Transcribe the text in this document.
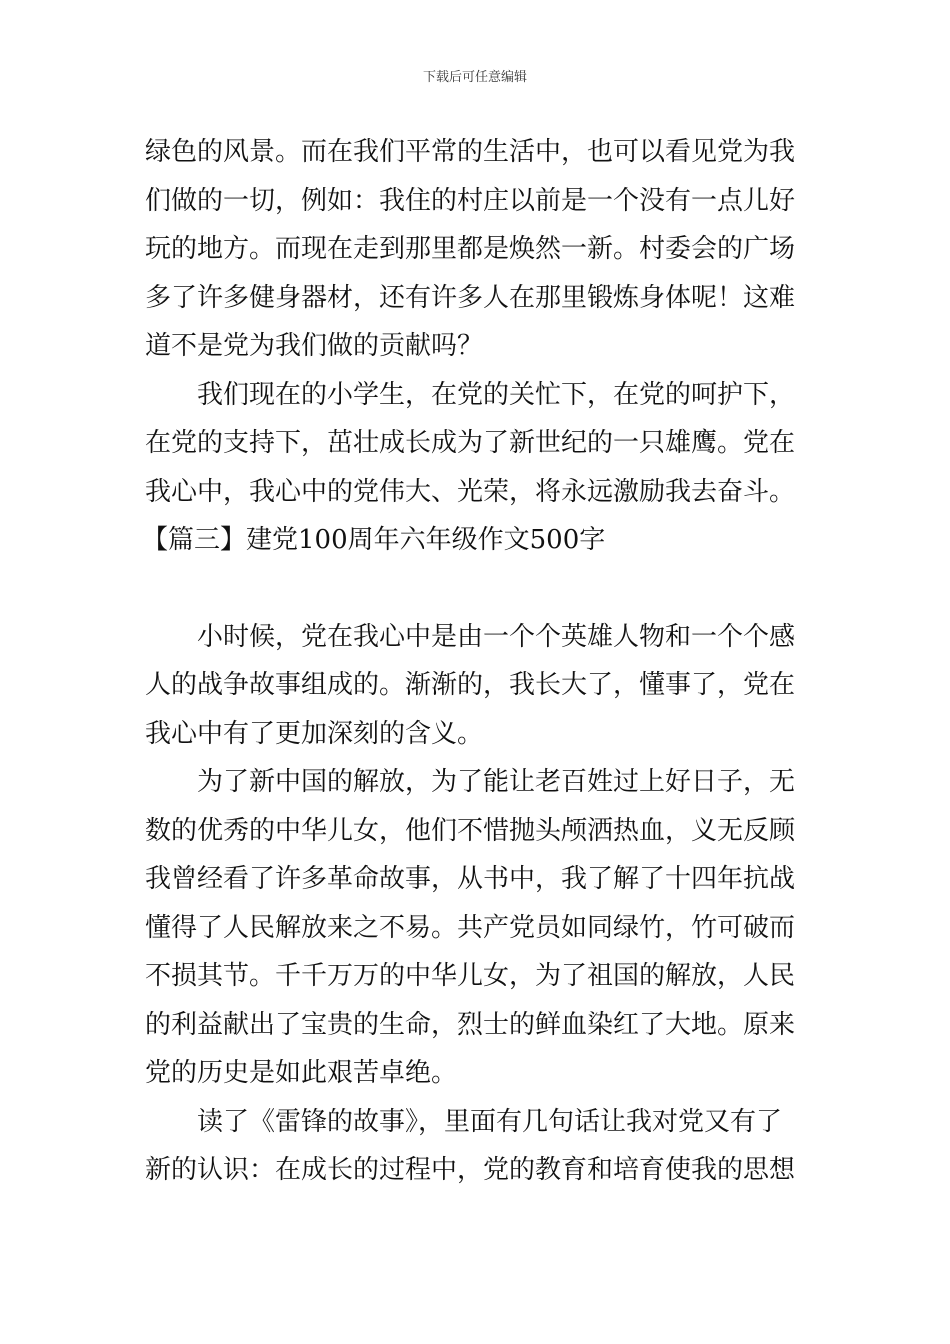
下载后可任意编辑

绿色的风景。而在我们平常的生活中，也可以看见党为我
们做的一切，例如：我住的村庄以前是一个没有一点儿好
玩的地方。而现在走到那里都是焕然一新。村委会的广场
多了许多健身器材，还有许多人在那里锻炼身体呢！这难
道不是党为我们做的贡献吗？

我们现在的小学生，在党的关忙下，在党的呵护下，
在党的支持下，茁壮成长成为了新世纪的一只雄鹰。党在
我心中，我心中的党伟大、光荣，将永远激励我去奋斗。

【篇三】建党100周年六年级作文500字

小时候，党在我心中是由一个个英雄人物和一个个感
人的战争故事组成的。渐渐的，我长大了，懂事了，党在
我心中有了更加深刻的含义。

为了新中国的解放，为了能让老百姓过上好日子，无
数的优秀的中华儿女，他们不惜抛头颅洒热血，义无反顾
我曾经看了许多革命故事，从书中，我了解了十四年抗战
懂得了人民解放来之不易。共产党员如同绿竹，竹可破而
不损其节。千千万万的中华儿女，为了祖国的解放，人民
的利益献出了宝贵的生命，烈士的鲜血染红了大地。原来
党的历史是如此艰苦卓绝。

读了《雷锋的故事》，里面有几句话让我对党又有了
新的认识：在成长的过程中，党的教育和培育使我的思想
